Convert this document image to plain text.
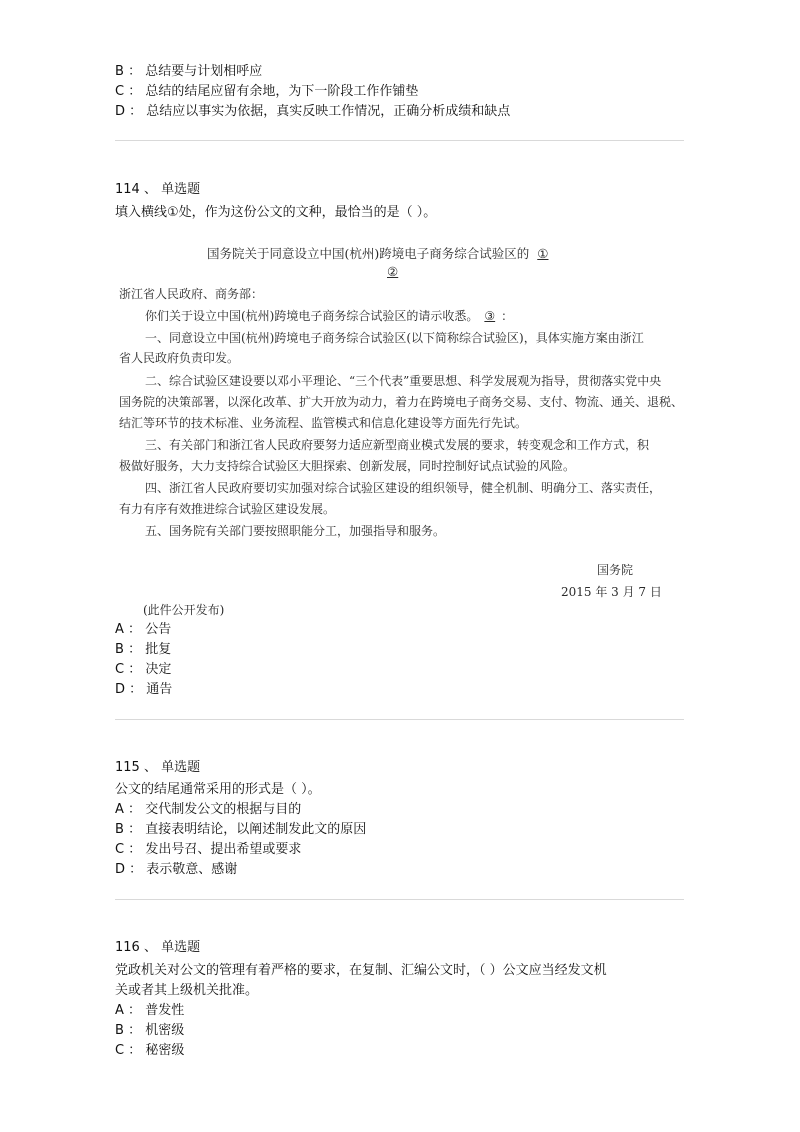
B ： 总结要与计划相呼应
C ： 总结的结尾应留有余地，为下一阶段工作作铺垫
D ： 总结应以事实为依据，真实反映工作情况，正确分析成绩和缺点
114 、 单选题
填入横线①处，作为这份公文的文种，最恰当的是（ ）。
国务院关于同意设立中国(杭州)跨境电子商务综合试验区的 ①
②
浙江省人民政府、商务部：
你们关于设立中国(杭州)跨境电子商务综合试验区的请示收悉。 ③ ：
一、同意设立中国(杭州)跨境电子商务综合试验区(以下简称综合试验区)，具体实施方案由浙江
省人民政府负责印发。
二、综合试验区建设要以邓小平理论、“三个代表”重要思想、科学发展观为指导，贯彻落实党中央
国务院的决策部署，以深化改革、扩大开放为动力，着力在跨境电子商务交易、支付、物流、通关、退税、
结汇等环节的技术标准、业务流程、监管模式和信息化建设等方面先行先试。
三、有关部门和浙江省人民政府要努力适应新型商业模式发展的要求，转变观念和工作方式，积
极做好服务，大力支持综合试验区大胆探索、创新发展，同时控制好试点试验的风险。
四、浙江省人民政府要切实加强对综合试验区建设的组织领导，健全机制、明确分工、落实责任，
有力有序有效推进综合试验区建设发展。
五、国务院有关部门要按照职能分工，加强指导和服务。
国务院
2015 年 3 月 7 日
(此件公开发布)
A ： 公告
B ： 批复
C ： 决定
D ： 通告
115 、 单选题
公文的结尾通常采用的形式是（ ）。
A ： 交代制发公文的根据与目的
B ： 直接表明结论，以阐述制发此文的原因
C ： 发出号召、提出希望或要求
D ： 表示敬意、感谢
116 、 单选题
党政机关对公文的管理有着严格的要求，在复制、汇编公文时，（ ）公文应当经发文机
关或者其上级机关批准。
A ： 普发性
B ： 机密级
C ： 秘密级
